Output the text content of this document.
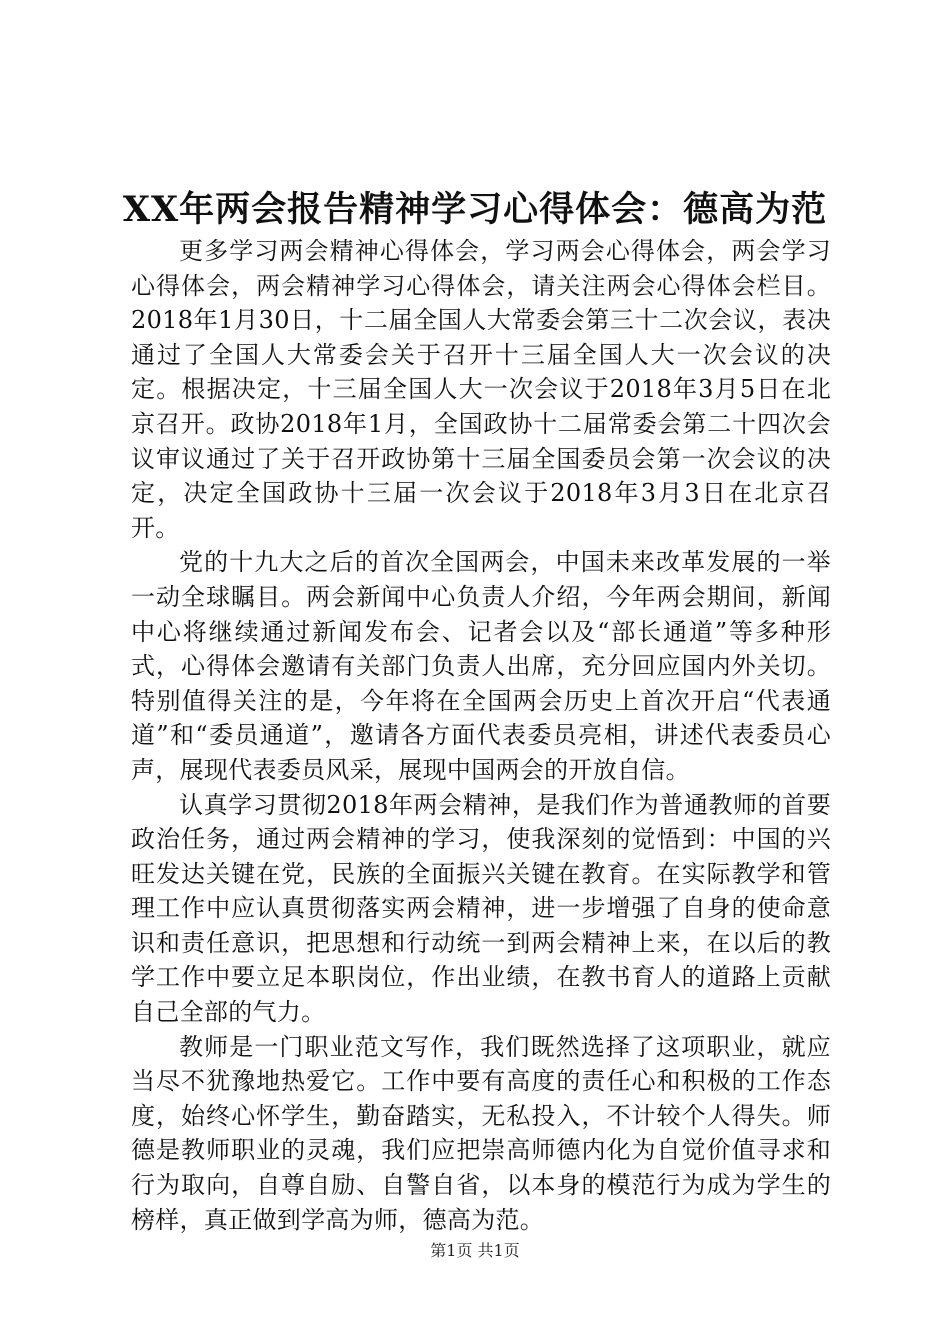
XX年两会报告精神学习心得体会：德高为范

更多学习两会精神心得体会，学习两会心得体会，两会学习心得体会，两会精神学习心得体会，请关注两会心得体会栏目。2018年1月30日，十二届全国人大常委会第三十二次会议，表决通过了全国人大常委会关于召开十三届全国人大一次会议的决定。根据决定，十三届全国人大一次会议于2018年3月5日在北京召开。政协2018年1月，全国政协十二届常委会第二十四次会议审议通过了关于召开政协第十三届全国委员会第一次会议的决定，决定全国政协十三届一次会议于2018年3月3日在北京召开。

党的十九大之后的首次全国两会，中国未来改革发展的一举一动全球瞩目。两会新闻中心负责人介绍，今年两会期间，新闻中心将继续通过新闻发布会、记者会以及“部长通道”等多种形式，心得体会邀请有关部门负责人出席，充分回应国内外关切。特别值得关注的是，今年将在全国两会历史上首次开启“代表通道”和“委员通道”，邀请各方面代表委员亮相，讲述代表委员心声，展现代表委员风采，展现中国两会的开放自信。

认真学习贯彻2018年两会精神，是我们作为普通教师的首要政治任务，通过两会精神的学习，使我深刻的觉悟到：中国的兴旺发达关键在党，民族的全面振兴关键在教育。在实际教学和管理工作中应认真贯彻落实两会精神，进一步增强了自身的使命意识和责任意识，把思想和行动统一到两会精神上来，在以后的教学工作中要立足本职岗位，作出业绩，在教书育人的道路上贡献自己全部的气力。

教师是一门职业范文写作，我们既然选择了这项职业，就应当尽不犹豫地热爱它。工作中要有高度的责任心和积极的工作态度，始终心怀学生，勤奋踏实，无私投入，不计较个人得失。师德是教师职业的灵魂，我们应把崇高师德内化为自觉价值寻求和行为取向，自尊自励、自警自省，以本身的模范行为成为学生的榜样，真正做到学高为师，德高为范。

第1页 共1页
